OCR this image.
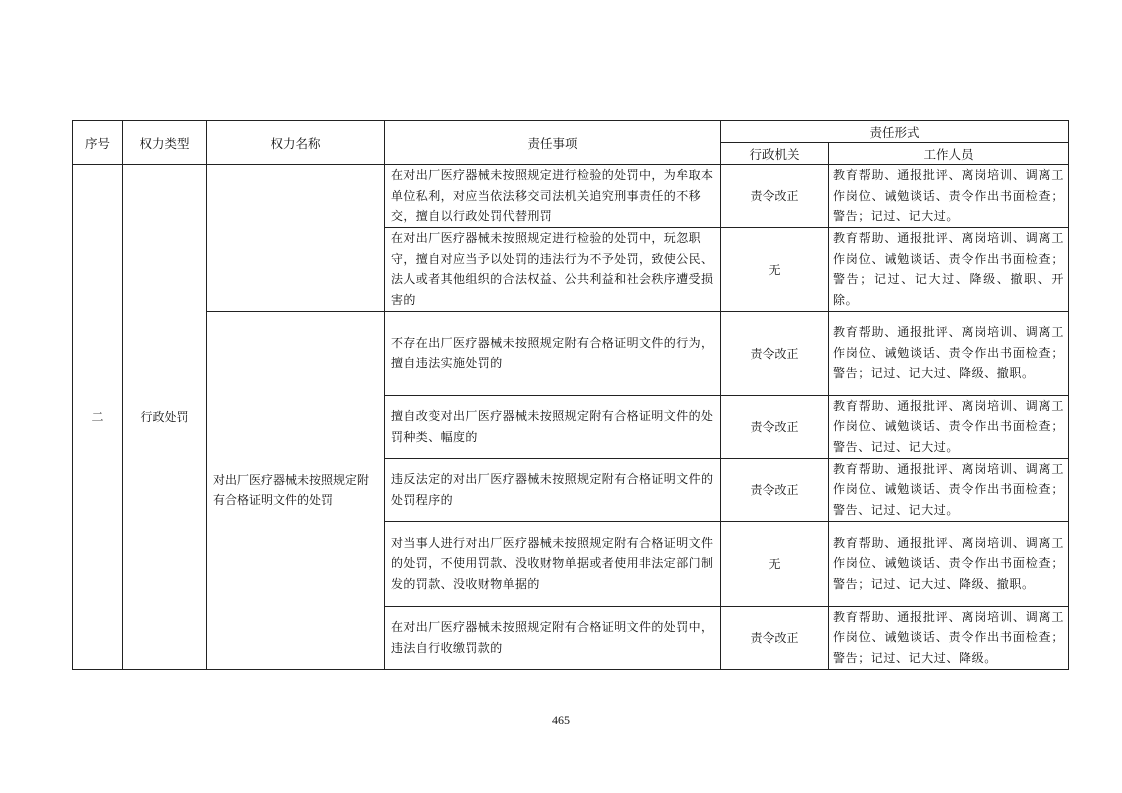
序号	权力类型	权力名称	责任事项	责任形式	
				行政机关	工作人员
二	行政处罚		在对出厂医疗器械未按照规定进行检验的处罚中，为牟取本单位私利，对应当依法移交司法机关追究刑事责任的不移交，擅自以行政处罚代替刑罚	责令改正	教育帮助、通报批评、离岗培训、调离工作岗位、诫勉谈话、责令作出书面检查；警告；记过、记大过。
			在对出厂医疗器械未按照规定进行检验的处罚中，玩忽职守，擅自对应当予以处罚的违法行为不予处罚，致使公民、法人或者其他组织的合法权益、公共利益和社会秩序遭受损害的	无	教育帮助、通报批评、离岗培训、调离工作岗位、诫勉谈话、责令作出书面检查；警告；记过、记大过、降级、撤职、开除。
		对出厂医疗器械未按照规定附有合格证明文件的处罚	不存在出厂医疗器械未按照规定附有合格证明文件的行为，擅自违法实施处罚的	责令改正	教育帮助、通报批评、离岗培训、调离工作岗位、诫勉谈话、责令作出书面检查；警告；记过、记大过、降级、撤职。
			擅自改变对出厂医疗器械未按照规定附有合格证明文件的处罚种类、幅度的	责令改正	教育帮助、通报批评、离岗培训、调离工作岗位、诫勉谈话、责令作出书面检查；警告、记过、记大过。
			违反法定的对出厂医疗器械未按照规定附有合格证明文件的处罚程序的	责令改正	教育帮助、通报批评、离岗培训、调离工作岗位、诫勉谈话、责令作出书面检查；警告、记过、记大过。
			对当事人进行对出厂医疗器械未按照规定附有合格证明文件的处罚，不使用罚款、没收财物单据或者使用非法定部门制发的罚款、没收财物单据的	无	教育帮助、通报批评、离岗培训、调离工作岗位、诫勉谈话、责令作出书面检查；警告；记过、记大过、降级、撤职。
			在对出厂医疗器械未按照规定附有合格证明文件的处罚中，违法自行收缴罚款的	责令改正	教育帮助、通报批评、离岗培训、调离工作岗位、诫勉谈话、责令作出书面检查；警告；记过、记大过、降级。
465
